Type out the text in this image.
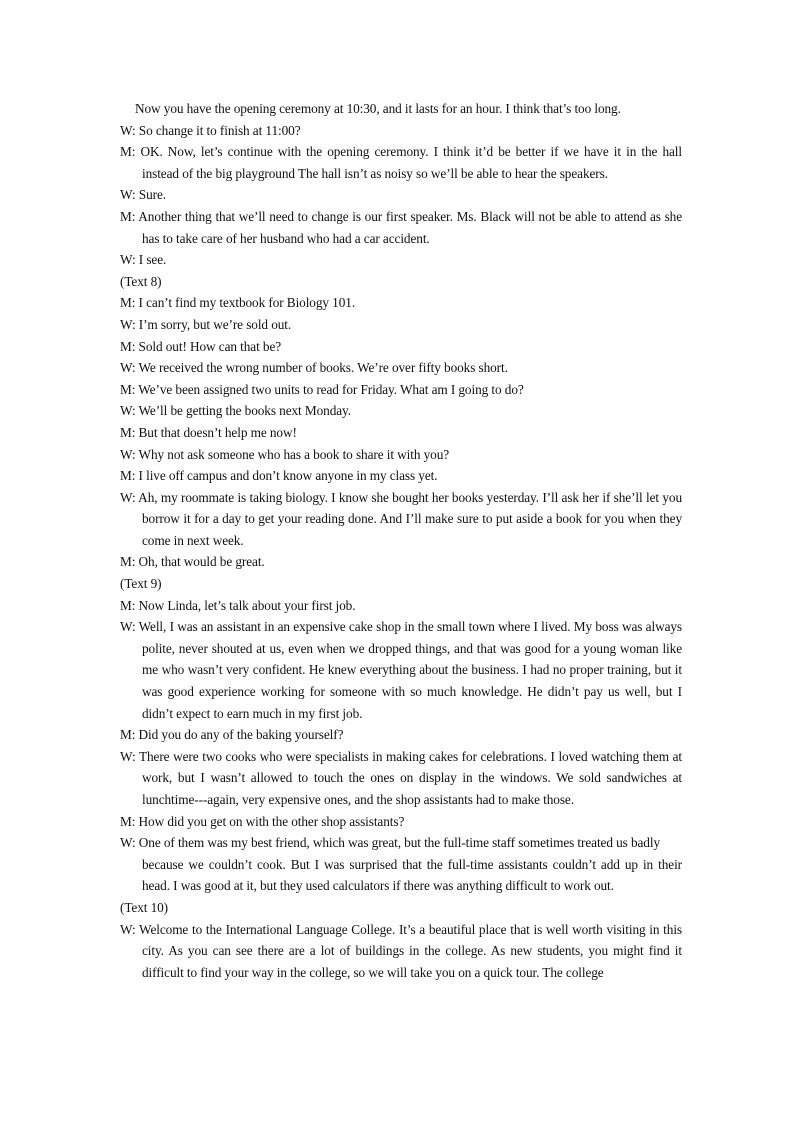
Now you have the opening ceremony at 10:30, and it lasts for an hour. I think that’s too long.

W: So change it to finish at 11:00?

M: OK. Now, let’s continue with the opening ceremony. I think it’d be better if we have it in the hall instead of the big playground The hall isn’t as noisy so we’ll be able to hear the speakers.

W: Sure.

M: Another thing that we’ll need to change is our first speaker. Ms. Black will not be able to attend as she has to take care of her husband who had a car accident.

W: I see.

(Text 8)

M: I can’t find my textbook for Biology 101.

W: I’m sorry, but we’re sold out.

M: Sold out! How can that be?

W: We received the wrong number of books. We’re over fifty books short.

M: We’ve been assigned two units to read for Friday. What am I going to do?

W: We’ll be getting the books next Monday.

M: But that doesn’t help me now!

W: Why not ask someone who has a book to share it with you?

M: I live off campus and don’t know anyone in my class yet.

W: Ah, my roommate is taking biology. I know she bought her books yesterday. I’ll ask her if she’ll let you borrow it for a day to get your reading done. And I’ll make sure to put aside a book for you when they come in next week.

M: Oh, that would be great.

(Text 9)

M: Now Linda, let’s talk about your first job.

W: Well, I was an assistant in an expensive cake shop in the small town where I lived. My boss was always polite, never shouted at us, even when we dropped things, and that was good for a young woman like me who wasn’t very confident. He knew everything about the business. I had no proper training, but it was good experience working for someone with so much knowledge. He didn’t pay us well, but I didn’t expect to earn much in my first job.

M: Did you do any of the baking yourself?

W: There were two cooks who were specialists in making cakes for celebrations. I loved watching them at work, but I wasn’t allowed to touch the ones on display in the windows. We sold sandwiches at lunchtime---again, very expensive ones, and the shop assistants had to make those.

M: How did you get on with the other shop assistants?

W: One of them was my best friend, which was great, but the full-time staff sometimes treated us badly

because we couldn’t cook. But I was surprised that the full-time assistants couldn’t add up in their head. I was good at it, but they used calculators if there was anything difficult to work out.

(Text 10)

W: Welcome to the International Language College. It’s a beautiful place that is well worth visiting in this city. As you can see there are a lot of buildings in the college. As new students, you might find it difficult to find your way in the college, so we will take you on a quick tour. The college
